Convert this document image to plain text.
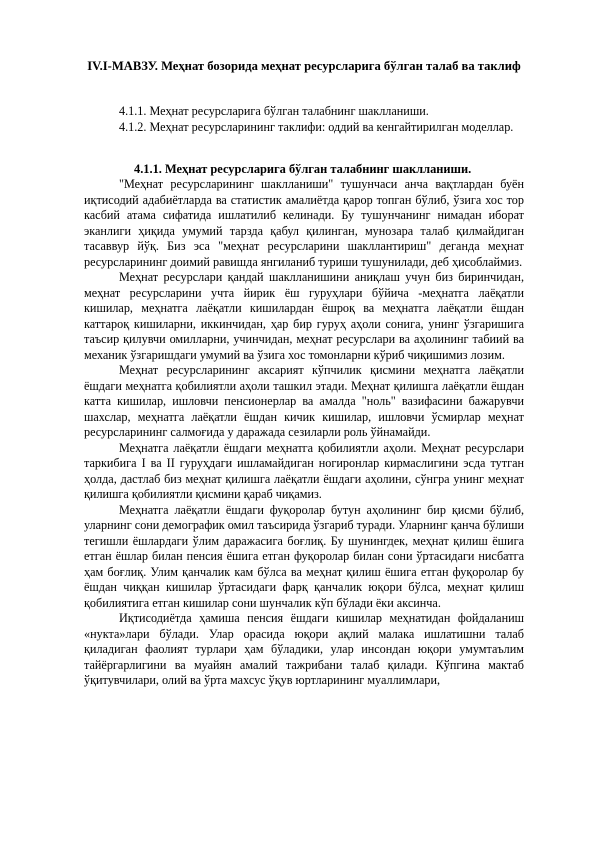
IV.I-МАВЗУ. Меҳнат бозорида меҳнат ресурсларига бўлган талаб ва таклиф

4.1.1. Меҳнат ресурсларига бўлган талабнинг шаклланиши.

4.1.2. Меҳнат ресурсларининг таклифи: оддий ва кенгайтирилган моделлар.

4.1.1. Меҳнат ресурсларига бўлган талабнинг шаклланиши.

"Меҳнат ресурсларининг шаклланиши" тушунчаси анча вақтлардан буён иқтисодий адабиётларда ва статистик амалиётда қарор топган бўлиб, ўзига хос тор касбий атама сифатида ишлатилиб келинади. Бу тушунчанинг нимадан иборат эканлиги ҳиқида умумий тарзда қабул қилинган, мунозара талаб қилмайдиган тасаввур йўқ. Биз эса "меҳнат ресурсларини шакллантириш" деганда меҳнат ресурсларининг доимий равишда янгиланиб туриши тушунилади, деб ҳисоблаймиз.

Меҳнат ресурслари қандай шаклланишини аниқлаш учун биз биринчидан, меҳнат ресурсларини учта йирик ёш гуруҳлари бўйича -меҳнатга лаёқатли кишилар, меҳнатга лаёқатли кишилардан ёшроқ ва меҳнатга лаёқатли ёшдан каттароқ кишиларни, иккинчидан, ҳар бир гуруҳ аҳоли сонига, унинг ўзгаришига таъсир қилувчи омилларни, учинчидан, меҳнат ресурслари ва аҳолининг табиий ва механик ўзгаришдаги умумий ва ўзига хос томонларни кўриб чиқишимиз лозим.

Меҳнат ресурсларининг аксарият кўпчилик қисмини меҳнатга лаёқатли ёшдаги меҳнатга қобилиятли аҳоли ташкил этади. Меҳнат қилишга лаёқатли ёшдан катта кишилар, ишловчи пенсионерлар ва амалда "ноль" вазифасини бажарувчи шахслар, меҳнатга лаёқатли ёшдан кичик кишилар, ишловчи ўсмирлар меҳнат ресурсларининг салмоғида у даражада сезиларли роль ўйнамайди.

Меҳнатга лаёқатли ёшдаги меҳнатга қобилиятли аҳоли. Меҳнат ресурслари таркибига I ва II гуруҳдаги ишламайдиган ногиронлар кирмаслигини эсда тутган ҳолда, дастлаб биз меҳнат қилишга лаёқатли ёшдаги аҳолини, сўнгра унинг меҳнат қилишга қобилиятли қисмини қараб чиқамиз.

Меҳнатга лаёқатли ёшдаги фуқоролар бутун аҳолининг бир қисми бўлиб, уларнинг сони демографик омил таъсирида ўзгариб туради. Уларнинг қанча бўлиши тегишли ёшлардаги ўлим даражасига боғлиқ. Бу шунингдек, меҳнат қилиш ёшига етган ёшлар билан пенсия ёшига етган фуқоролар билан сони ўртасидаги нисбатга ҳам боғлиқ. Улим қанчалик кам бўлса ва меҳнат қилиш ёшига етган фуқоролар бу ёшдан чиққан кишилар ўртасидаги фарқ қанчалик юқори бўлса, меҳнат қилиш қобилиятига етган кишилар сони шунчалик кўп бўлади ёки аксинча.

Иқтисодиётда ҳамиша пенсия ёшдаги кишилар меҳнатидан фойдаланиш «нукта»лари бўлади. Улар орасида юқори ақлий малака ишлатишни талаб қиладиган фаолият турлари ҳам бўладики, улар инсондан юқори умумтаълим тайёргарлигини ва муайян амалий тажрибани талаб қилади. Кўпгина мактаб ўқитувчилари, олий ва ўрта махсус ўқув юртларининг муаллимлари,
